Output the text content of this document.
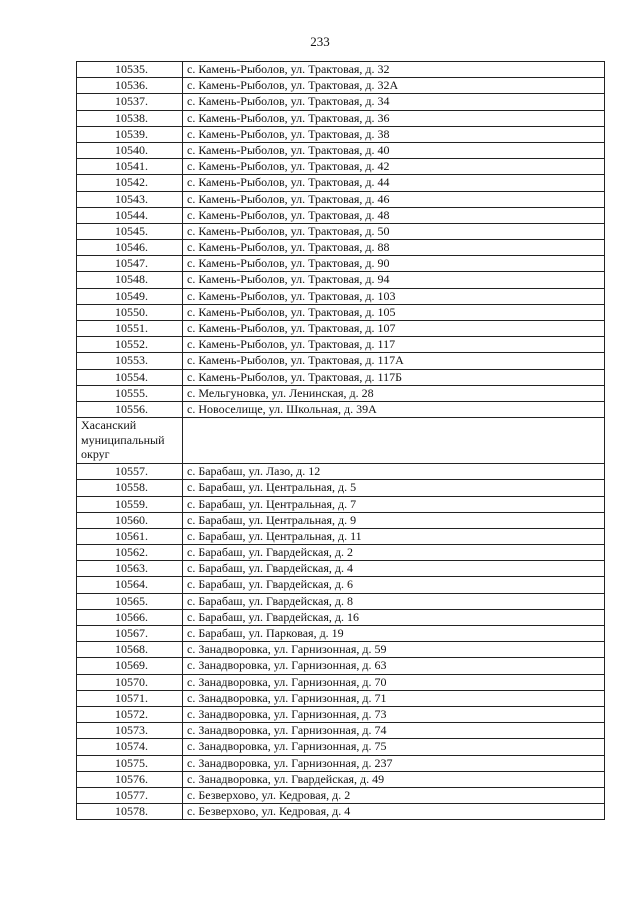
233
10535.	с. Камень-Рыболов, ул. Трактовая, д. 32
10536.	с. Камень-Рыболов, ул. Трактовая, д. 32А
10537.	с. Камень-Рыболов, ул. Трактовая, д. 34
10538.	с. Камень-Рыболов, ул. Трактовая, д. 36
10539.	с. Камень-Рыболов, ул. Трактовая, д. 38
10540.	с. Камень-Рыболов, ул. Трактовая, д. 40
10541.	с. Камень-Рыболов, ул. Трактовая, д. 42
10542.	с. Камень-Рыболов, ул. Трактовая, д. 44
10543.	с. Камень-Рыболов, ул. Трактовая, д. 46
10544.	с. Камень-Рыболов, ул. Трактовая, д. 48
10545.	с. Камень-Рыболов, ул. Трактовая, д. 50
10546.	с. Камень-Рыболов, ул. Трактовая, д. 88
10547.	с. Камень-Рыболов, ул. Трактовая, д. 90
10548.	с. Камень-Рыболов, ул. Трактовая, д. 94
10549.	с. Камень-Рыболов, ул. Трактовая, д. 103
10550.	с. Камень-Рыболов, ул. Трактовая, д. 105
10551.	с. Камень-Рыболов, ул. Трактовая, д. 107
10552.	с. Камень-Рыболов, ул. Трактовая, д. 117
10553.	с. Камень-Рыболов, ул. Трактовая, д. 117А
10554.	с. Камень-Рыболов, ул. Трактовая, д. 117Б
10555.	с. Мельгуновка, ул. Ленинская, д. 28
10556.	с. Новоселище, ул. Школьная, д. 39А
Хасанский муниципальный округ	
10557.	с. Барабаш, ул. Лазо, д. 12
10558.	с. Барабаш, ул. Центральная, д. 5
10559.	с. Барабаш, ул. Центральная, д. 7
10560.	с. Барабаш, ул. Центральная, д. 9
10561.	с. Барабаш, ул. Центральная, д. 11
10562.	с. Барабаш, ул. Гвардейская, д. 2
10563.	с. Барабаш, ул. Гвардейская, д. 4
10564.	с. Барабаш, ул. Гвардейская, д. 6
10565.	с. Барабаш, ул. Гвардейская, д. 8
10566.	с. Барабаш, ул. Гвардейская, д. 16
10567.	с. Барабаш, ул. Парковая, д. 19
10568.	с. Занадворовка, ул. Гарнизонная, д. 59
10569.	с. Занадворовка, ул. Гарнизонная, д. 63
10570.	с. Занадворовка, ул. Гарнизонная, д. 70
10571.	с. Занадворовка, ул. Гарнизонная, д. 71
10572.	с. Занадворовка, ул. Гарнизонная, д. 73
10573.	с. Занадворовка, ул. Гарнизонная, д. 74
10574.	с. Занадворовка, ул. Гарнизонная, д. 75
10575.	с. Занадворовка, ул. Гарнизонная, д. 237
10576.	с. Занадворовка, ул. Гвардейская, д. 49
10577.	с. Безверхово, ул. Кедровая, д. 2
10578.	с. Безверхово, ул. Кедровая, д. 4
